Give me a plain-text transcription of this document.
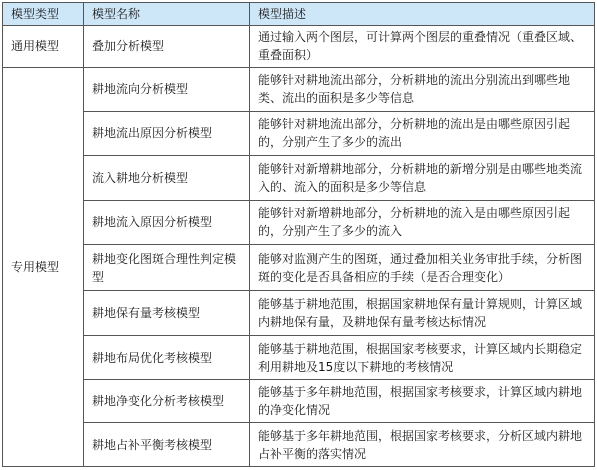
模型类型	模型名称	模型描述
通用模型	叠加分析模型	通过输入两个图层，可计算两个图层的重叠情况（重叠区域、重叠面积）
专用模型	耕地流向分析模型	能够针对耕地流出部分，分析耕地的流出分别流出到哪些地类、流出的面积是多少等信息
	耕地流出原因分析模型	能够针对耕地流出部分，分析耕地的流出是由哪些原因引起的，分别产生了多少的流出
	流入耕地分析模型	能够针对新增耕地部分，分析耕地的新增分别是由哪些地类流入的、流入的面积是多少等信息
	耕地流入原因分析模型	能够针对新增耕地部分，分析耕地的流入是由哪些原因引起的，分别产生了多少的流入
	耕地变化图斑合理性判定模型	能够对监测产生的图斑，通过叠加相关业务审批手续，分析图斑的变化是否具备相应的手续（是否合理变化）
	耕地保有量考核模型	能够基于耕地范围，根据国家耕地保有量计算规则，计算区域内耕地保有量，及耕地保有量考核达标情况
	耕地布局优化考核模型	能够基于耕地范围，根据国家考核要求，计算区域内长期稳定利用耕地及15度以下耕地的考核情况
	耕地净变化分析考核模型	能够基于多年耕地范围，根据国家考核要求，计算区域内耕地的净变化情况
	耕地占补平衡考核模型	能够基于多年耕地范围，根据国家考核要求，分析区域内耕地占补平衡的落实情况
